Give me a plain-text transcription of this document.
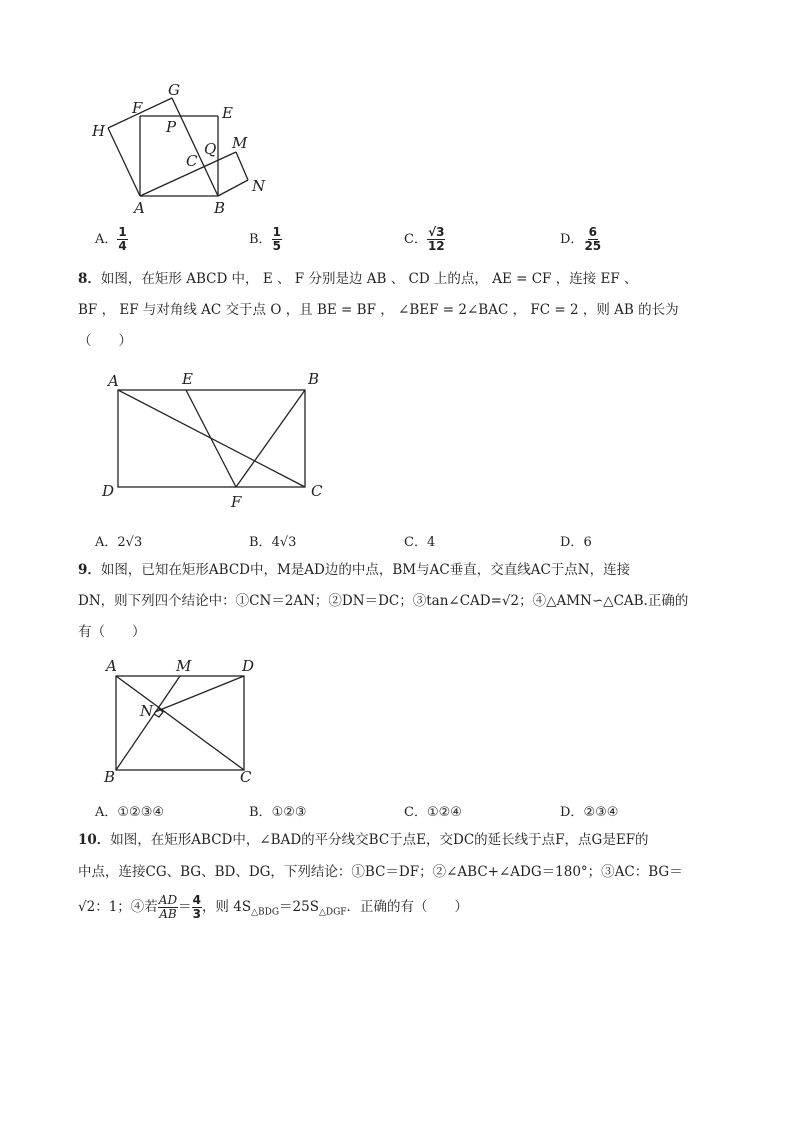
H
F
G
P
E
C
Q M
N
A	B
A． $\frac{1}{4}$	B． $\frac{1}{5}$	C． $\frac{√3}{12}$	D． $\frac{6}{25}$
8．如图，在矩形 ABCD 中， E 、 F 分别是边 AB 、 CD 上的点， AE = CF ，连接 EF 、
BF ， EF 与对角线 AC 交于点 O ，且 BE = BF ， ∠BEF = 2∠BAC ， FC = 2 ，则 AB 的长为
（　　）
A	E	B
D
F
C
A．2√3	B．4√3	C．4	D．6
9．如图，已知在矩形ABCD中，M是AD边的中点，BM与AC垂直，交直线AC于点N，连接
DN，则下列四个结论中：①CN＝2AN；②DN＝DC；③tan∠CAD=√2；④△AMN∽△CAB.正确的
有（　　）
A	M	D
N
B	C
A．①②③④	B．①②③	C．①②④	D．②③④
10．如图，在矩形ABCD中，∠BAD的平分线交BC于点E，交DC的延长线于点F，点G是EF的
中点，连接CG、BG、BD、DG，下列结论：①BC＝DF；②∠ABC+∠ADG＝180°；③AC：BG＝
√2：1；④若 $\frac{AD}{AB} = \frac{4}{3}$ ，则 $4S_{\triangle BDG}=25S_{\triangle DGF}$．正确的有（　　）
